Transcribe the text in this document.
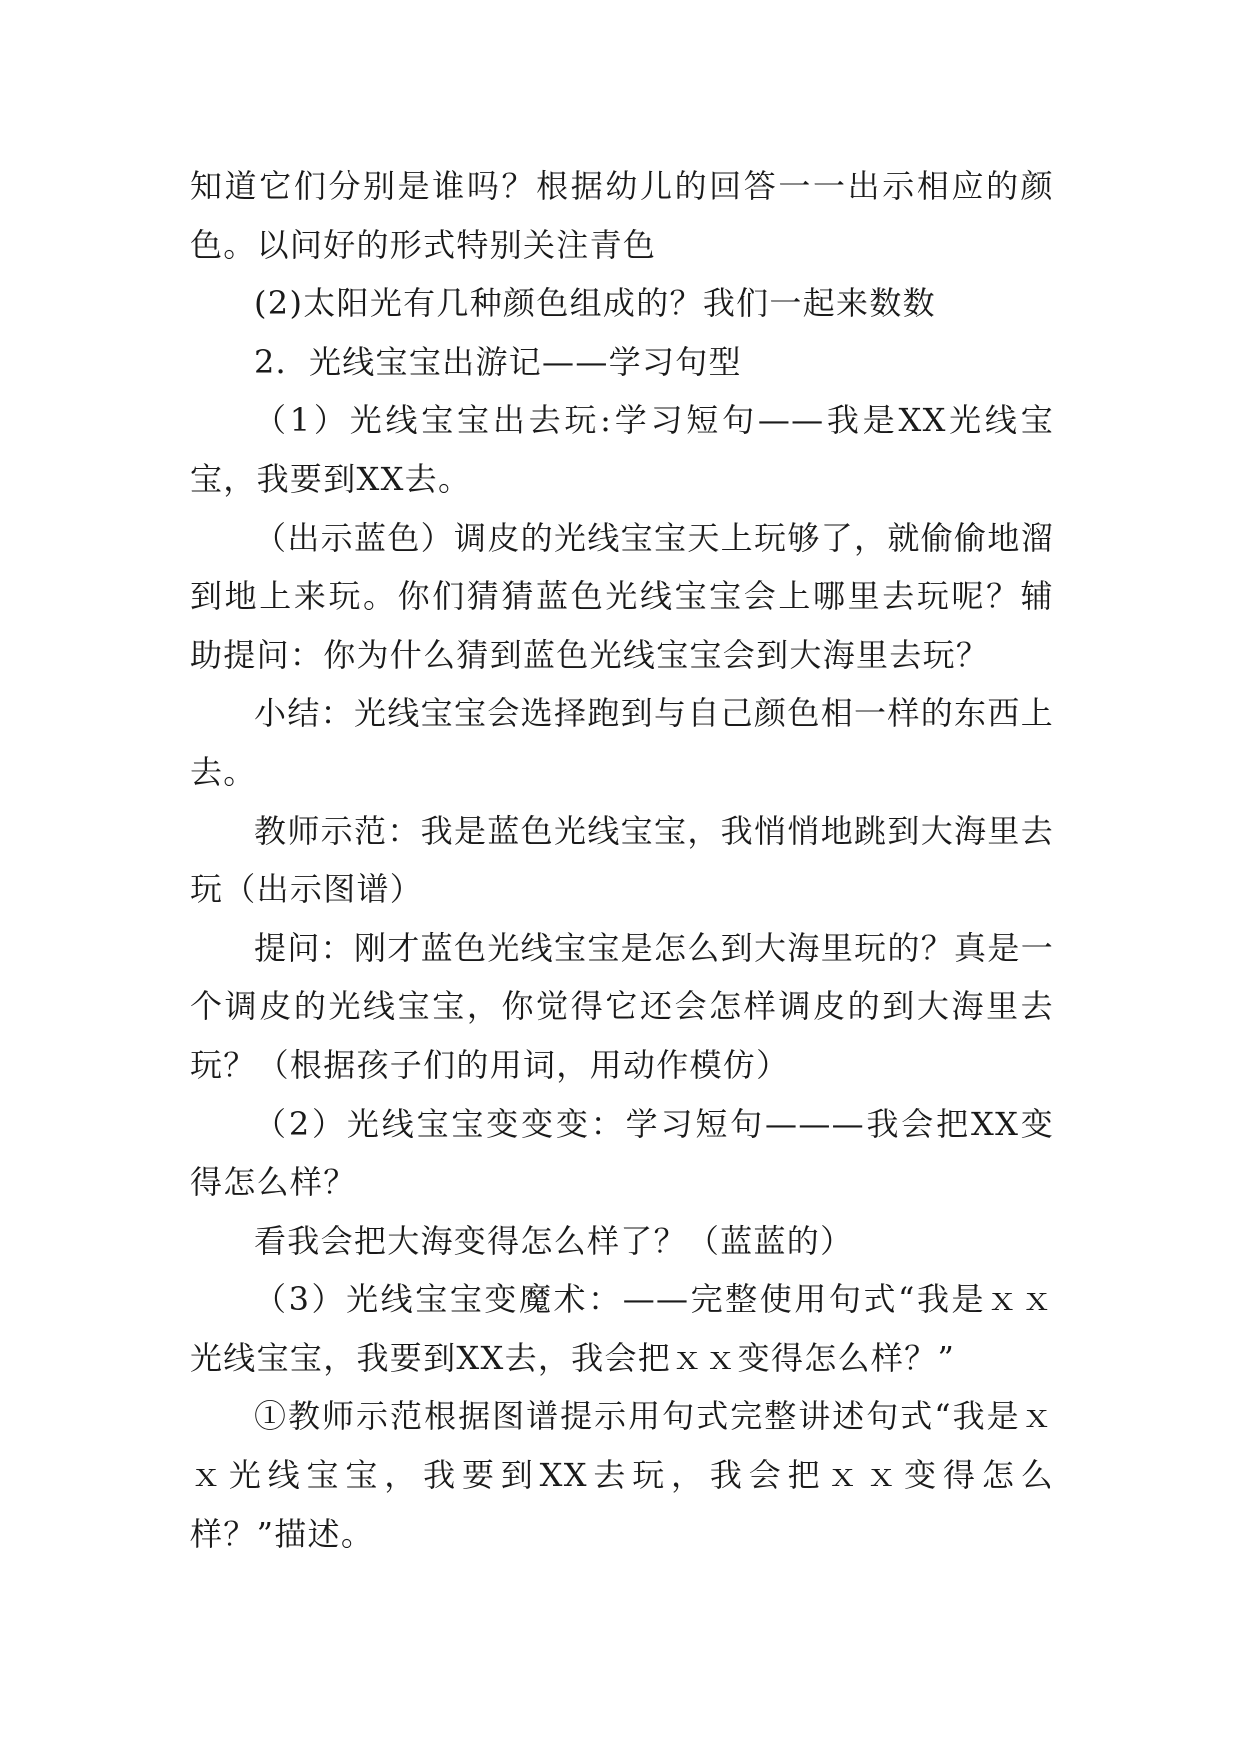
知道它们分别是谁吗？根据幼儿的回答一一出示相应的颜色。以问好的形式特别关注青色

(2)太阳光有几种颜色组成的？我们一起来数数

2．光线宝宝出游记——学习句型

（1）光线宝宝出去玩:学习短句——我是XX光线宝宝，我要到XX去。

（出示蓝色）调皮的光线宝宝天上玩够了，就偷偷地溜到地上来玩。你们猜猜蓝色光线宝宝会上哪里去玩呢？辅助提问：你为什么猜到蓝色光线宝宝会到大海里去玩？

小结：光线宝宝会选择跑到与自己颜色相一样的东西上去。

教师示范：我是蓝色光线宝宝，我悄悄地跳到大海里去玩（出示图谱）

提问：刚才蓝色光线宝宝是怎么到大海里玩的？真是一个调皮的光线宝宝，你觉得它还会怎样调皮的到大海里去玩？（根据孩子们的用词，用动作模仿）

（2）光线宝宝变变变：学习短句———我会把XX变得怎么样？

看我会把大海变得怎么样了？（蓝蓝的）

（3）光线宝宝变魔术：——完整使用句式“我是ｘｘ光线宝宝，我要到XX去，我会把ｘｘ变得怎么样？”

①教师示范根据图谱提示用句式完整讲述句式“我是ｘｘ光线宝宝，我要到XX去玩，我会把ｘｘ变得怎么样？”描述。
